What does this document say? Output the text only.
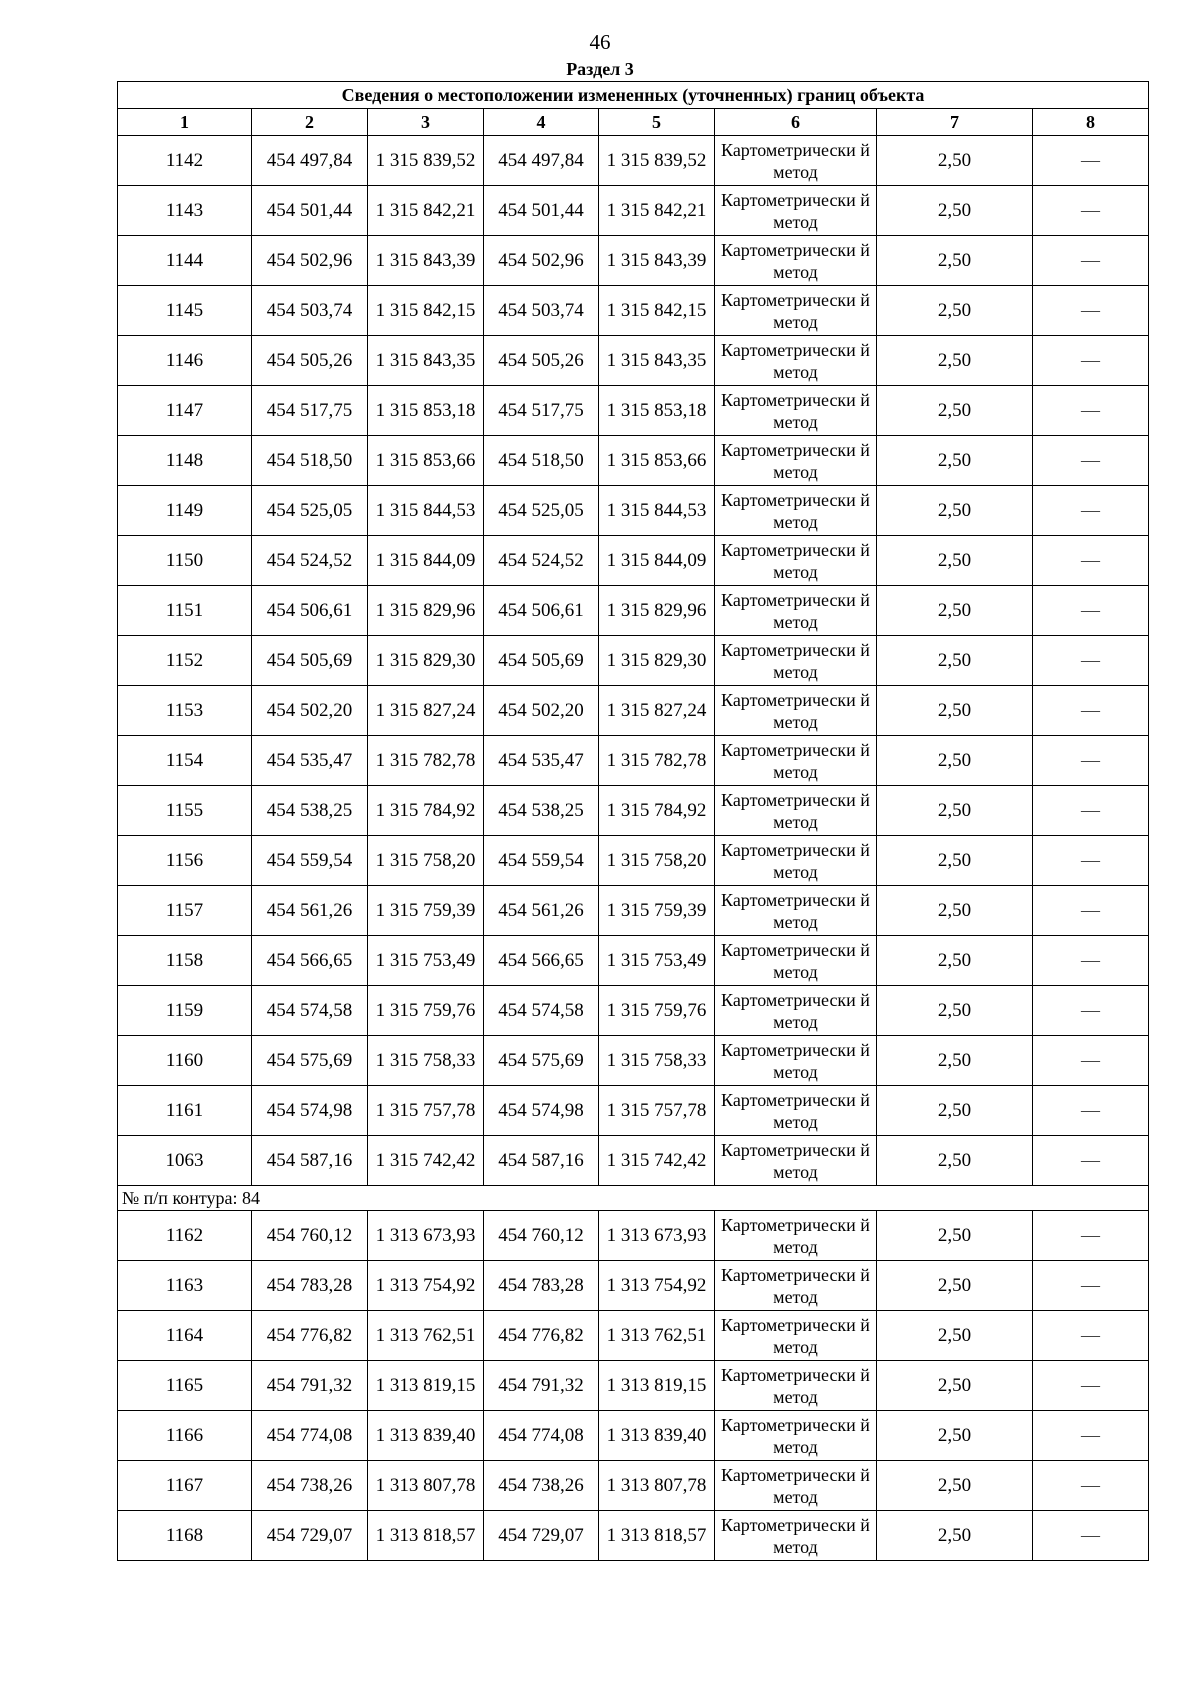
46
Раздел 3
Сведения о местоположении измененных (уточненных) границ объекта							
1	2	3	4	5	6	7	8
1142	454 497,84	1 315 839,52	454 497,84	1 315 839,52	Картометрически й метод	2,50	—
1143	454 501,44	1 315 842,21	454 501,44	1 315 842,21	Картометрически й метод	2,50	—
1144	454 502,96	1 315 843,39	454 502,96	1 315 843,39	Картометрически й метод	2,50	—
1145	454 503,74	1 315 842,15	454 503,74	1 315 842,15	Картометрически й метод	2,50	—
1146	454 505,26	1 315 843,35	454 505,26	1 315 843,35	Картометрически й метод	2,50	—
1147	454 517,75	1 315 853,18	454 517,75	1 315 853,18	Картометрически й метод	2,50	—
1148	454 518,50	1 315 853,66	454 518,50	1 315 853,66	Картометрически й метод	2,50	—
1149	454 525,05	1 315 844,53	454 525,05	1 315 844,53	Картометрически й метод	2,50	—
1150	454 524,52	1 315 844,09	454 524,52	1 315 844,09	Картометрически й метод	2,50	—
1151	454 506,61	1 315 829,96	454 506,61	1 315 829,96	Картометрически й метод	2,50	—
1152	454 505,69	1 315 829,30	454 505,69	1 315 829,30	Картометрически й метод	2,50	—
1153	454 502,20	1 315 827,24	454 502,20	1 315 827,24	Картометрически й метод	2,50	—
1154	454 535,47	1 315 782,78	454 535,47	1 315 782,78	Картометрически й метод	2,50	—
1155	454 538,25	1 315 784,92	454 538,25	1 315 784,92	Картометрически й метод	2,50	—
1156	454 559,54	1 315 758,20	454 559,54	1 315 758,20	Картометрически й метод	2,50	—
1157	454 561,26	1 315 759,39	454 561,26	1 315 759,39	Картометрически й метод	2,50	—
1158	454 566,65	1 315 753,49	454 566,65	1 315 753,49	Картометрически й метод	2,50	—
1159	454 574,58	1 315 759,76	454 574,58	1 315 759,76	Картометрически й метод	2,50	—
1160	454 575,69	1 315 758,33	454 575,69	1 315 758,33	Картометрически й метод	2,50	—
1161	454 574,98	1 315 757,78	454 574,98	1 315 757,78	Картометрически й метод	2,50	—
1063	454 587,16	1 315 742,42	454 587,16	1 315 742,42	Картометрически й метод	2,50	—
№ п/п контура: 84							
1162	454 760,12	1 313 673,93	454 760,12	1 313 673,93	Картометрически й метод	2,50	—
1163	454 783,28	1 313 754,92	454 783,28	1 313 754,92	Картометрически й метод	2,50	—
1164	454 776,82	1 313 762,51	454 776,82	1 313 762,51	Картометрически й метод	2,50	—
1165	454 791,32	1 313 819,15	454 791,32	1 313 819,15	Картометрически й метод	2,50	—
1166	454 774,08	1 313 839,40	454 774,08	1 313 839,40	Картометрически й метод	2,50	—
1167	454 738,26	1 313 807,78	454 738,26	1 313 807,78	Картометрически й метод	2,50	—
1168	454 729,07	1 313 818,57	454 729,07	1 313 818,57	Картометрически й метод	2,50	—
